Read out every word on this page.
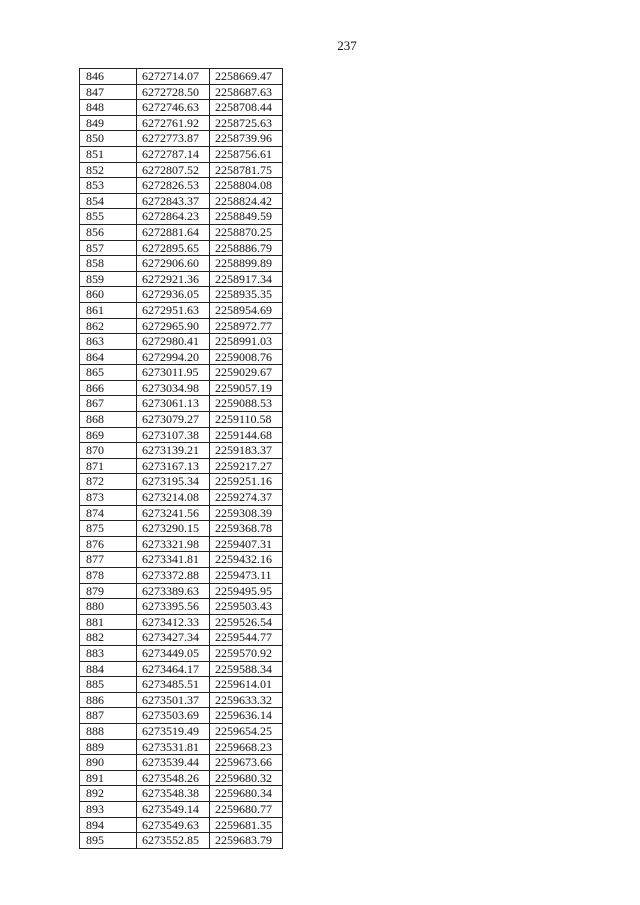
237
846	6272714.07	2258669.47
847	6272728.50	2258687.63
848	6272746.63	2258708.44
849	6272761.92	2258725.63
850	6272773.87	2258739.96
851	6272787.14	2258756.61
852	6272807.52	2258781.75
853	6272826.53	2258804.08
854	6272843.37	2258824.42
855	6272864.23	2258849.59
856	6272881.64	2258870.25
857	6272895.65	2258886.79
858	6272906.60	2258899.89
859	6272921.36	2258917.34
860	6272936.05	2258935.35
861	6272951.63	2258954.69
862	6272965.90	2258972.77
863	6272980.41	2258991.03
864	6272994.20	2259008.76
865	6273011.95	2259029.67
866	6273034.98	2259057.19
867	6273061.13	2259088.53
868	6273079.27	2259110.58
869	6273107.38	2259144.68
870	6273139.21	2259183.37
871	6273167.13	2259217.27
872	6273195.34	2259251.16
873	6273214.08	2259274.37
874	6273241.56	2259308.39
875	6273290.15	2259368.78
876	6273321.98	2259407.31
877	6273341.81	2259432.16
878	6273372.88	2259473.11
879	6273389.63	2259495.95
880	6273395.56	2259503.43
881	6273412.33	2259526.54
882	6273427.34	2259544.77
883	6273449.05	2259570.92
884	6273464.17	2259588.34
885	6273485.51	2259614.01
886	6273501.37	2259633.32
887	6273503.69	2259636.14
888	6273519.49	2259654.25
889	6273531.81	2259668.23
890	6273539.44	2259673.66
891	6273548.26	2259680.32
892	6273548.38	2259680.34
893	6273549.14	2259680.77
894	6273549.63	2259681.35
895	6273552.85	2259683.79
